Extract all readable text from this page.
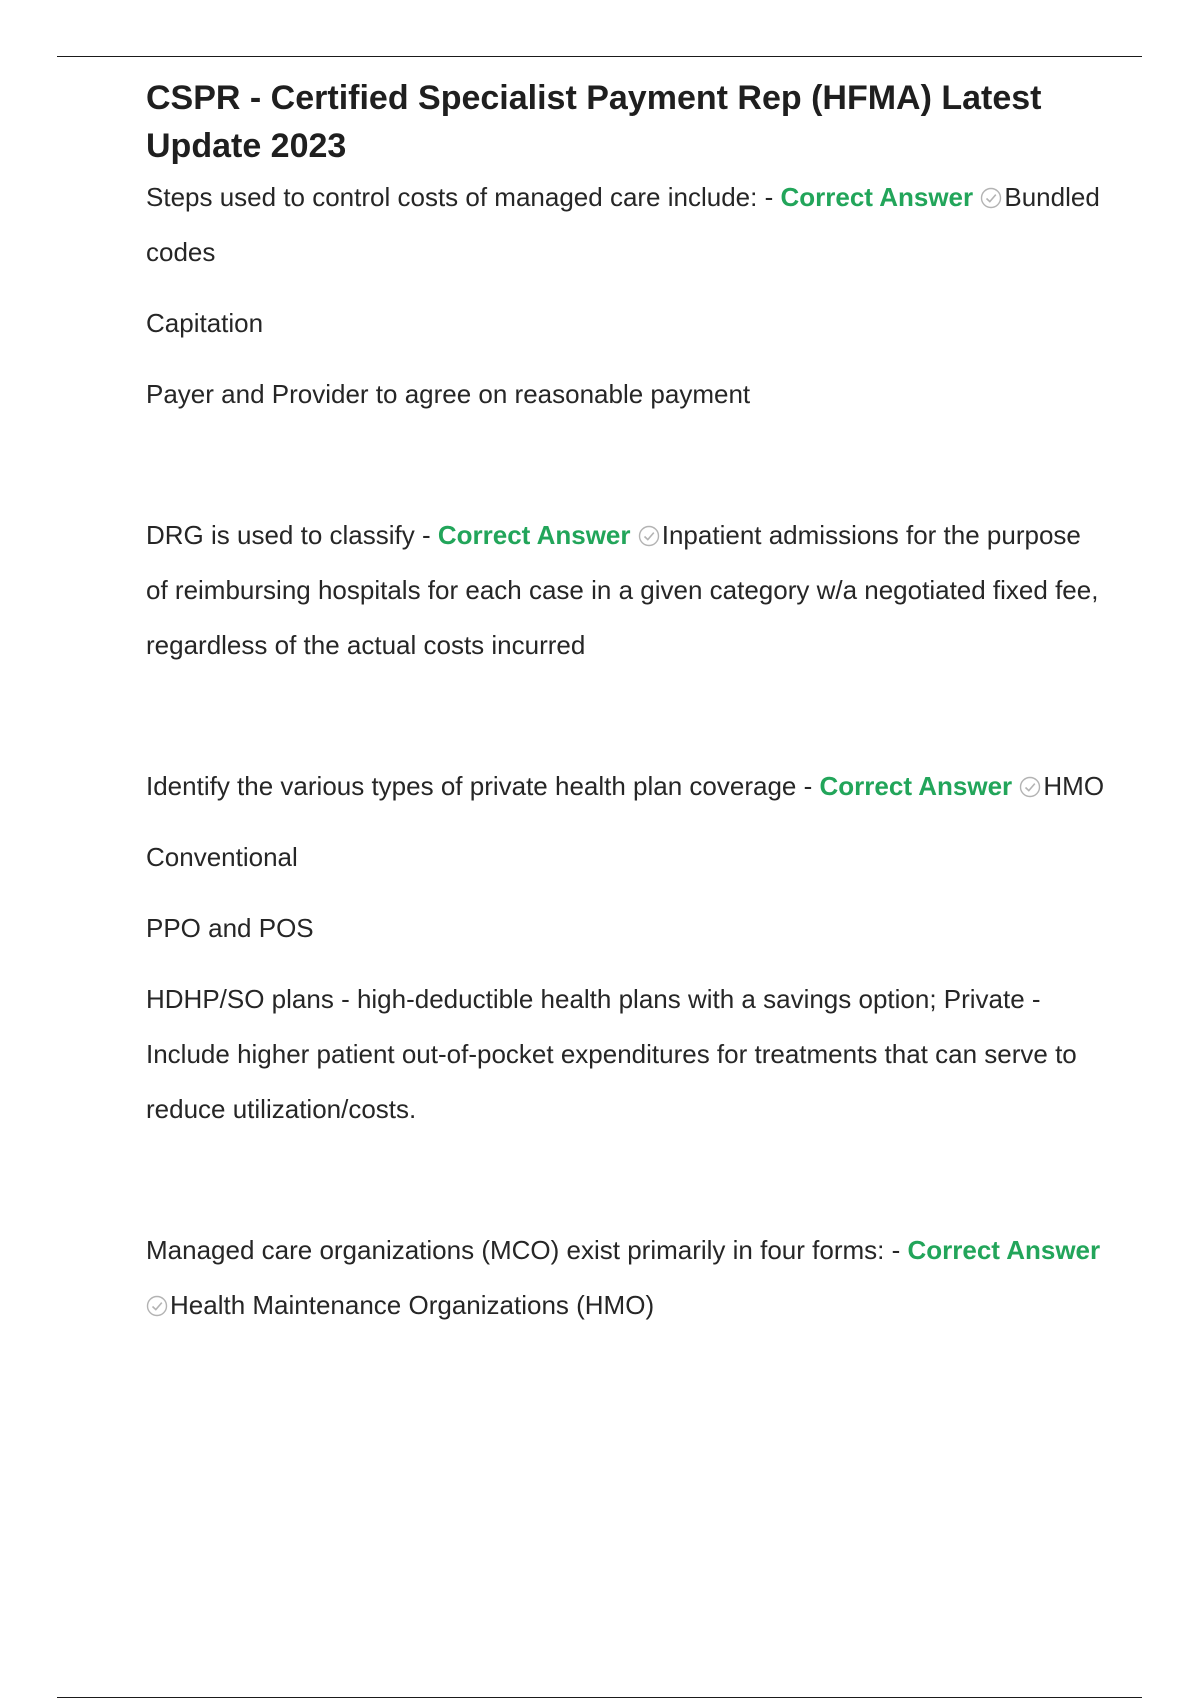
CSPR - Certified Specialist Payment Rep (HFMA) Latest Update 2023

Steps used to control costs of managed care include: - Correct Answer Bundled codes

Capitation

Payer and Provider to agree on reasonable payment

DRG is used to classify - Correct Answer Inpatient admissions for the purpose of reimbursing hospitals for each case in a given category w/a negotiated fixed fee, regardless of the actual costs incurred

Identify the various types of private health plan coverage - Correct Answer HMO

Conventional

PPO and POS

HDHP/SO plans - high-deductible health plans with a savings option; Private - Include higher patient out-of-pocket expenditures for treatments that can serve to reduce utilization/costs.

Managed care organizations (MCO) exist primarily in four forms: - Correct Answer
Health Maintenance Organizations (HMO)
